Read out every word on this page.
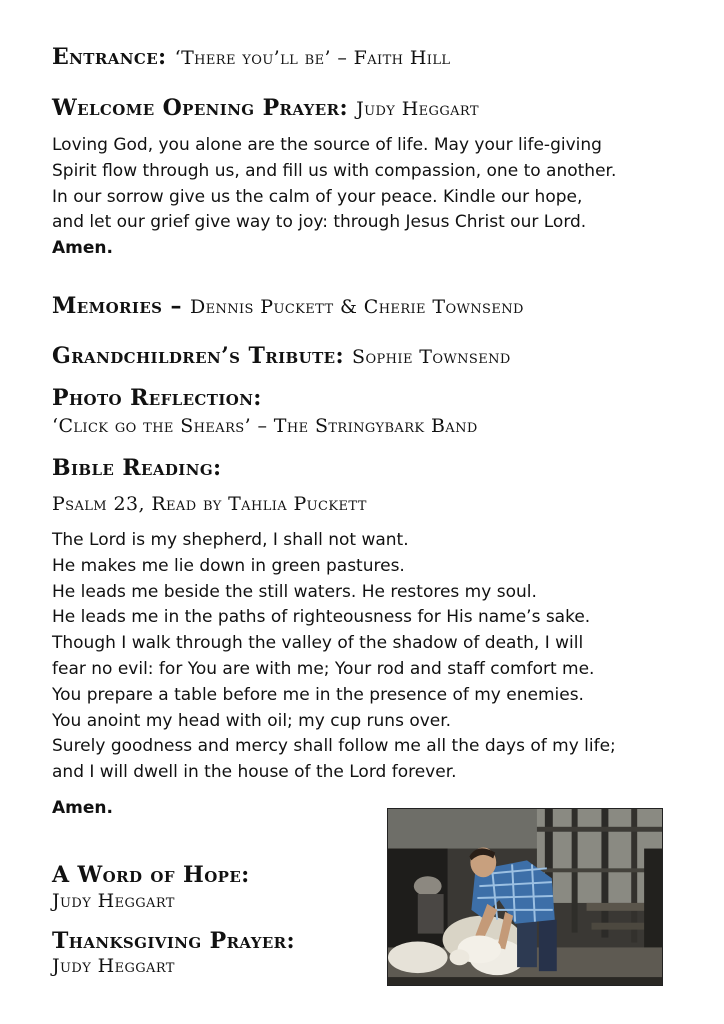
Entrance: ‘There you’ll be’ – Faith Hill
Welcome Opening Prayer: Judy Heggart
Loving God, you alone are the source of life. May your life-giving
Spirit flow through us, and fill us with compassion, one to another.
In our sorrow give us the calm of your peace. Kindle our hope,
and let our grief give way to joy: through Jesus Christ our Lord.
Amen.
Memories – Dennis Puckett & Cherie Townsend
Grandchildren’s Tribute: Sophie Townsend
Photo Reflection:
‘Click go the Shears’ – The Stringybark Band
Bible Reading:
Psalm 23, Read by Tahlia Puckett
The Lord is my shepherd, I shall not want.
He makes me lie down in green pastures.
He leads me beside the still waters. He restores my soul.
He leads me in the paths of righteousness for His name’s sake.
Though I walk through the valley of the shadow of death, I will
fear no evil: for You are with me; Your rod and staff comfort me.
You prepare a table before me in the presence of my enemies.
You anoint my head with oil; my cup runs over.
Surely goodness and mercy shall follow me all the days of my life;
and I will dwell in the house of the Lord forever.
Amen.
A Word of Hope:
Judy Heggart
Thanksgiving Prayer:
Judy Heggart
